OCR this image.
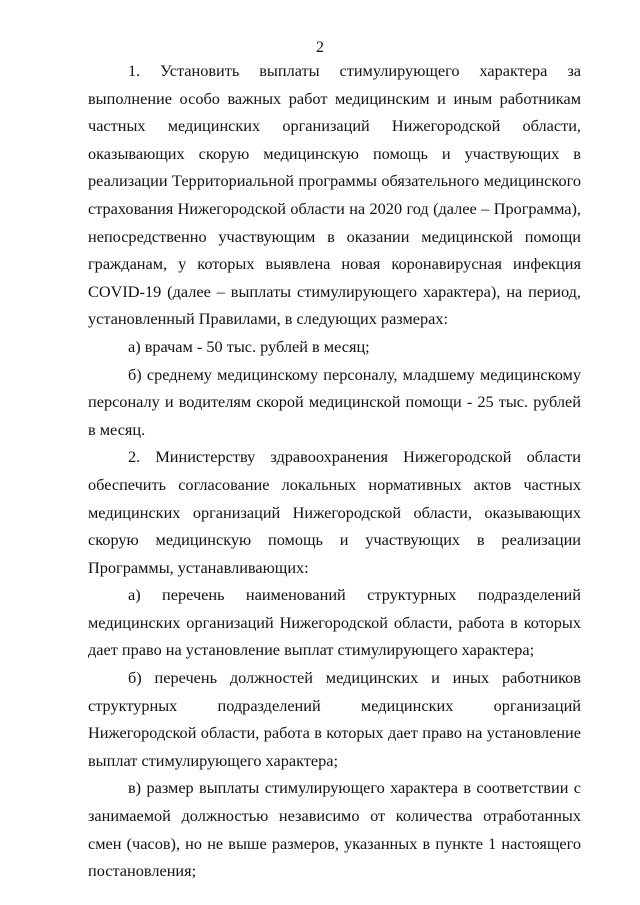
2

1. Установить выплаты стимулирующего характера за выполнение особо важных работ медицинским и иным работникам частных медицинских организаций Нижегородской области, оказывающих скорую медицинскую помощь и участвующих в реализации Территориальной программы обязательного медицинского страхования Нижегородской области на 2020 год (далее – Программа), непосредственно участвующим в оказании медицинской помощи гражданам, у которых выявлена новая коронавирусная инфекция COVID-19 (далее – выплаты стимулирующего характера), на период, установленный Правилами, в следующих размерах:

а) врачам - 50 тыс. рублей в месяц;

б) среднему медицинскому персоналу, младшему медицинскому персоналу и водителям скорой медицинской помощи - 25 тыс. рублей в месяц.

2. Министерству здравоохранения Нижегородской области обеспечить согласование локальных нормативных актов частных медицинских организаций Нижегородской области, оказывающих скорую медицинскую помощь и участвующих в реализации Программы, устанавливающих:

а) перечень наименований структурных подразделений медицинских организаций Нижегородской области, работа в которых дает право на установление выплат стимулирующего характера;

б) перечень должностей медицинских и иных работников структурных подразделений медицинских организаций Нижегородской области, работа в которых дает право на установление выплат стимулирующего характера;

в) размер выплаты стимулирующего характера в соответствии с занимаемой должностью независимо от количества отработанных смен (часов), но не выше размеров, указанных в пункте 1 настоящего постановления;
